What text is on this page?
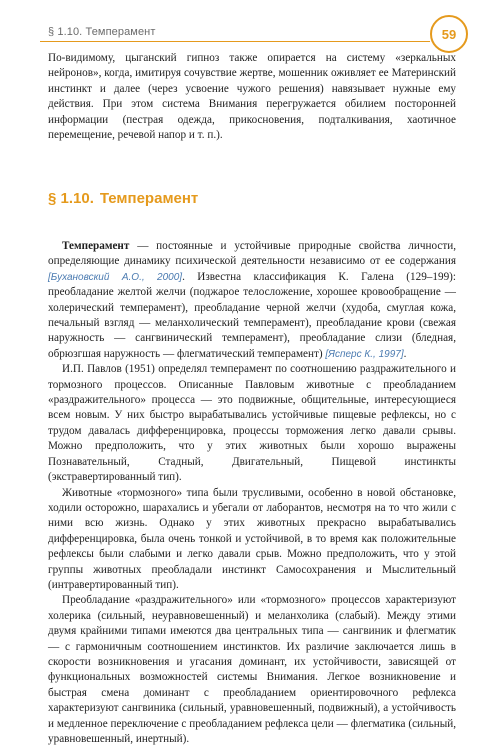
§ 1.10. Темперамент	59

По-видимому, цыганский гипноз также опирается на систему «зеркальных нейронов», когда, имитируя сочувствие жертве, мошенник оживляет ее Материнский инстинкт и далее (через усвоение чужого решения) навязывает нужные ему действия. При этом система Внимания перегружается обилием посторонней информации (пестрая одежда, прикосновения, подталкивания, хаотичное перемещение, речевой напор и т. п.).

§ 1.10. Темперамент

Темперамент — постоянные и устойчивые природные свойства личности, определяющие динамику психической деятельности независимо от ее содержания [Бухановский А.О., 2000]. Известна классификация К. Галена (129–199): преобладание желтой желчи (поджарое телосложение, хорошее кровообращение — холерический темперамент), преобладание черной желчи (худоба, смуглая кожа, печальный взгляд — меланхолический темперамент), преобладание крови (свежая наружность — сангвинический темперамент), преобладание слизи (бледная, обрюзгшая наружность — флегматический темперамент) [Ясперс К., 1997].

И.П. Павлов (1951) определял темперамент по соотношению раздражительного и тормозного процессов. Описанные Павловым животные с преобладанием «раздражительного» процесса — это подвижные, общительные, интересующиеся всем новым. У них быстро вырабатывались устойчивые пищевые рефлексы, но с трудом давалась дифференцировка, процессы торможения легко давали срывы. Можно предположить, что у этих животных были хорошо выражены Познавательный, Стадный, Двигательный, Пищевой инстинкты (экстравертированный тип).

Животные «тормозного» типа были трусливыми, особенно в новой обстановке, ходили осторожно, шарахались и убегали от лаборантов, несмотря на то что жили с ними всю жизнь. Однако у этих животных прекрасно вырабатывались дифференцировка, была очень тонкой и устойчивой, в то время как положительные рефлексы были слабыми и легко давали срыв. Можно предположить, что у этой группы животных преобладали инстинкт Самосохранения и Мыслительный (интравертированный тип).

Преобладание «раздражительного» или «тормозного» процессов характеризуют холерика (сильный, неуравновешенный) и меланхолика (слабый). Между этими двумя крайними типами имеются два центральных типа — сангвиник и флегматик — с гармоничным соотношением инстинктов. Их различие заключается лишь в скорости возникновения и угасания доминант, их устойчивости, зависящей от функциональных возможностей системы Внимания. Легкое возникновение и быстрая смена доминант с преобладанием ориентировочного рефлекса характеризуют сангвиника (сильный, уравновешенный, подвижный), а устойчивость и медленное переключение с преобладанием рефлекса цели — флегматика (сильный, уравновешенный, инертный).
